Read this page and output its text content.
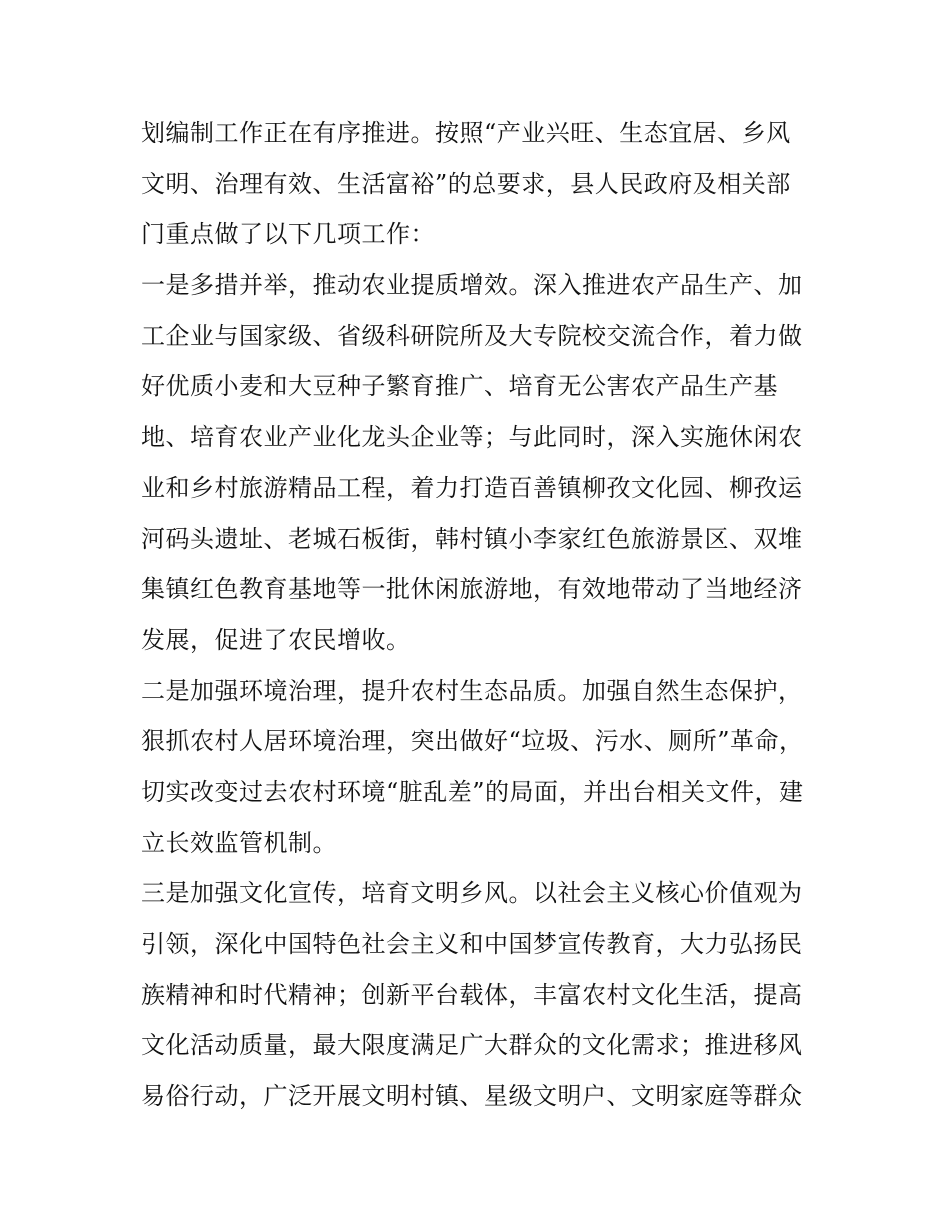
划编制工作正在有序推进。按照“产业兴旺、生态宜居、乡风
文明、治理有效、生活富裕”的总要求，县人民政府及相关部
门重点做了以下几项工作：
一是多措并举，推动农业提质增效。深入推进农产品生产、加
工企业与国家级、省级科研院所及大专院校交流合作，着力做
好优质小麦和大豆种子繁育推广、培育无公害农产品生产基
地、培育农业产业化龙头企业等；与此同时，深入实施休闲农
业和乡村旅游精品工程，着力打造百善镇柳孜文化园、柳孜运
河码头遗址、老城石板街，韩村镇小李家红色旅游景区、双堆
集镇红色教育基地等一批休闲旅游地，有效地带动了当地经济
发展，促进了农民增收。
二是加强环境治理，提升农村生态品质。加强自然生态保护，
狠抓农村人居环境治理，突出做好“垃圾、污水、厕所”革命，
切实改变过去农村环境“脏乱差”的局面，并出台相关文件，建
立长效监管机制。
三是加强文化宣传，培育文明乡风。以社会主义核心价值观为
引领，深化中国特色社会主义和中国梦宣传教育，大力弘扬民
族精神和时代精神；创新平台载体，丰富农村文化生活，提高
文化活动质量，最大限度满足广大群众的文化需求；推进移风
易俗行动，广泛开展文明村镇、星级文明户、文明家庭等群众
